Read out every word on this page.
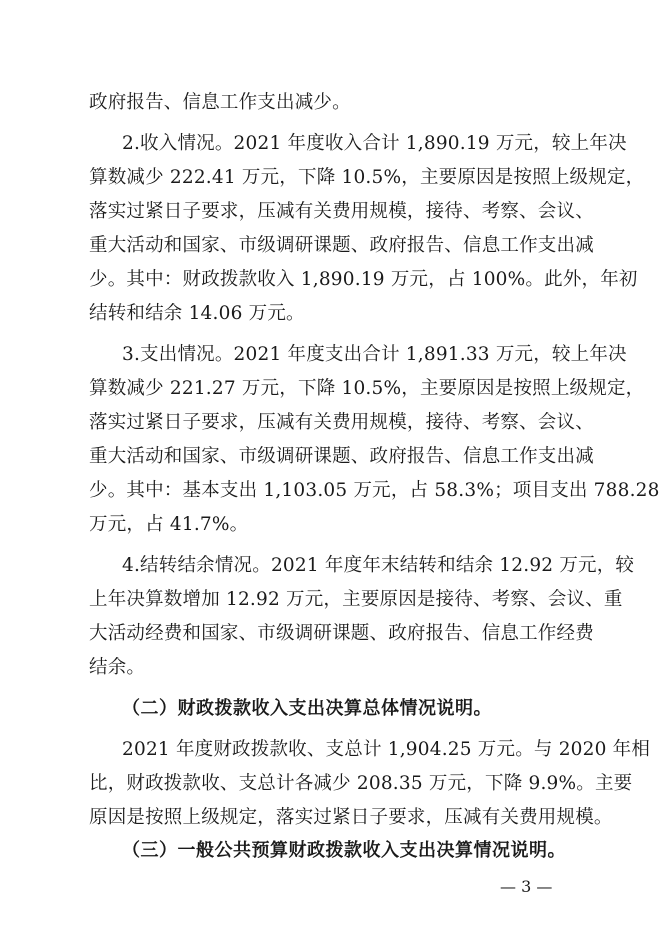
政府报告、信息工作支出减少。
2.收入情况。2021 年度收入合计 1,890.19 万元，较上年决
算数减少 222.41 万元，下降 10.5%，主要原因是按照上级规定，
落实过紧日子要求，压减有关费用规模，接待、考察、会议、
重大活动和国家、市级调研课题、政府报告、信息工作支出减
少。其中：财政拨款收入 1,890.19 万元，占 100%。此外，年初
结转和结余 14.06 万元。
3.支出情况。2021 年度支出合计 1,891.33 万元，较上年决
算数减少 221.27 万元，下降 10.5%，主要原因是按照上级规定，
落实过紧日子要求，压减有关费用规模，接待、考察、会议、
重大活动和国家、市级调研课题、政府报告、信息工作支出减
少。其中：基本支出 1,103.05 万元，占 58.3%；项目支出 788.28
万元，占 41.7%。
4.结转结余情况。2021 年度年末结转和结余 12.92 万元，较
上年决算数增加 12.92 万元，主要原因是接待、考察、会议、重
大活动经费和国家、市级调研课题、政府报告、信息工作经费
结余。
（二）财政拨款收入支出决算总体情况说明。
2021 年度财政拨款收、支总计 1,904.25 万元。与 2020 年相
比，财政拨款收、支总计各减少 208.35 万元，下降 9.9%。主要
原因是按照上级规定，落实过紧日子要求，压减有关费用规模。
（三）一般公共预算财政拨款收入支出决算情况说明。
— 3 —
